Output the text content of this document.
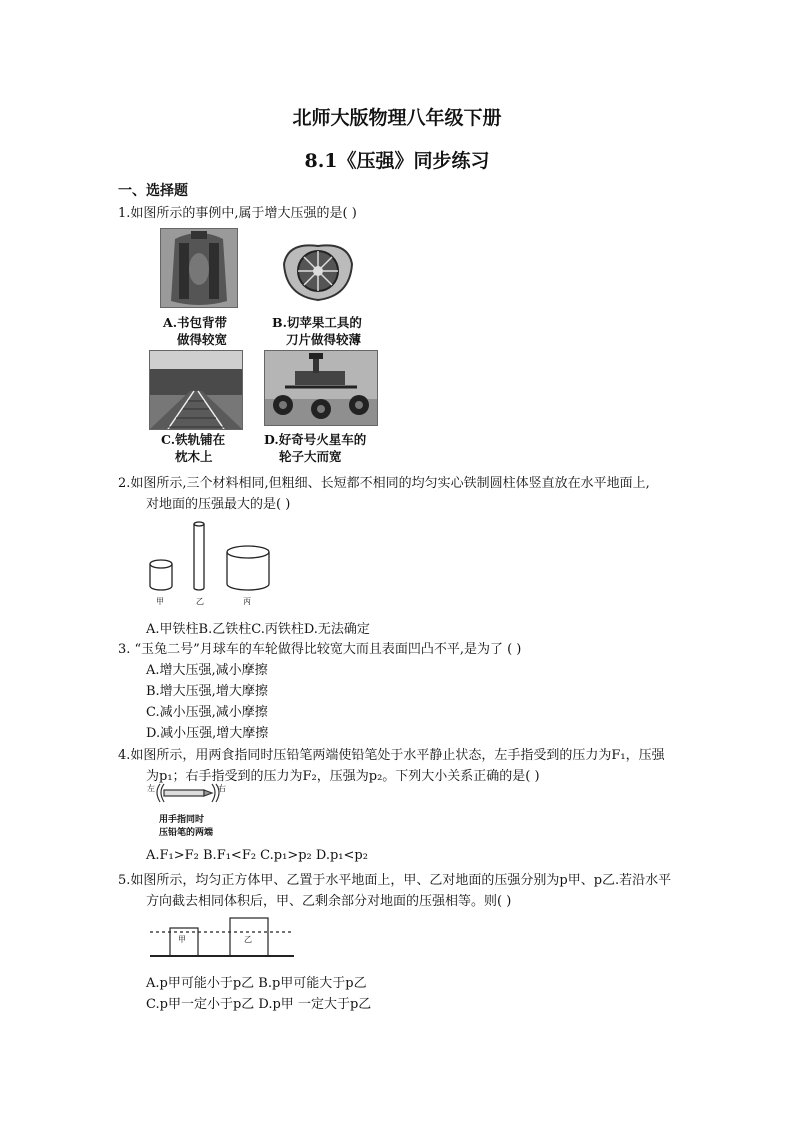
北师大版物理八年级下册
8.1《压强》同步练习
一、选择题
1.如图所示的事例中,属于增大压强的是( )
A.书包背带
做得较宽
B.切苹果工具的
刀片做得较薄
C.铁轨铺在
枕木上
D.好奇号火星车的
轮子大而宽
2.如图所示,三个材料相同,但粗细、长短都不相同的均匀实心铁制圆柱体竖直放在水平地面上,
对地面的压强最大的是( )
甲	乙	丙
A.甲铁柱B.乙铁柱C.丙铁柱D.无法确定
3. “玉兔二号”月球车的车轮做得比较宽大而且表面凹凸不平,是为了 ( )
A.增大压强,减小摩擦
B.增大压强,增大摩擦
C.减小压强,减小摩擦
D.减小压强,增大摩擦
4.如图所示，用两食指同时压铅笔两端使铅笔处于水平静止状态，左手指受到的压力为F₁，压强
为p₁；右手指受到的压力为F₂，压强为p₂。下列大小关系正确的是( )
左	右
用手指同时
压铅笔的两端
A.F₁>F₂ B.F₁<F₂ C.p₁>p₂ D.p₁<p₂
5.如图所示，均匀正方体甲、乙置于水平地面上，甲、乙对地面的压强分别为p甲、p乙.若沿水平
方向截去相同体积后，甲、乙剩余部分对地面的压强相等。则( )
甲	乙
A.p甲可能小于p乙 B.p甲可能大于p乙
C.p甲一定小于p乙 D.p甲 一定大于p乙
